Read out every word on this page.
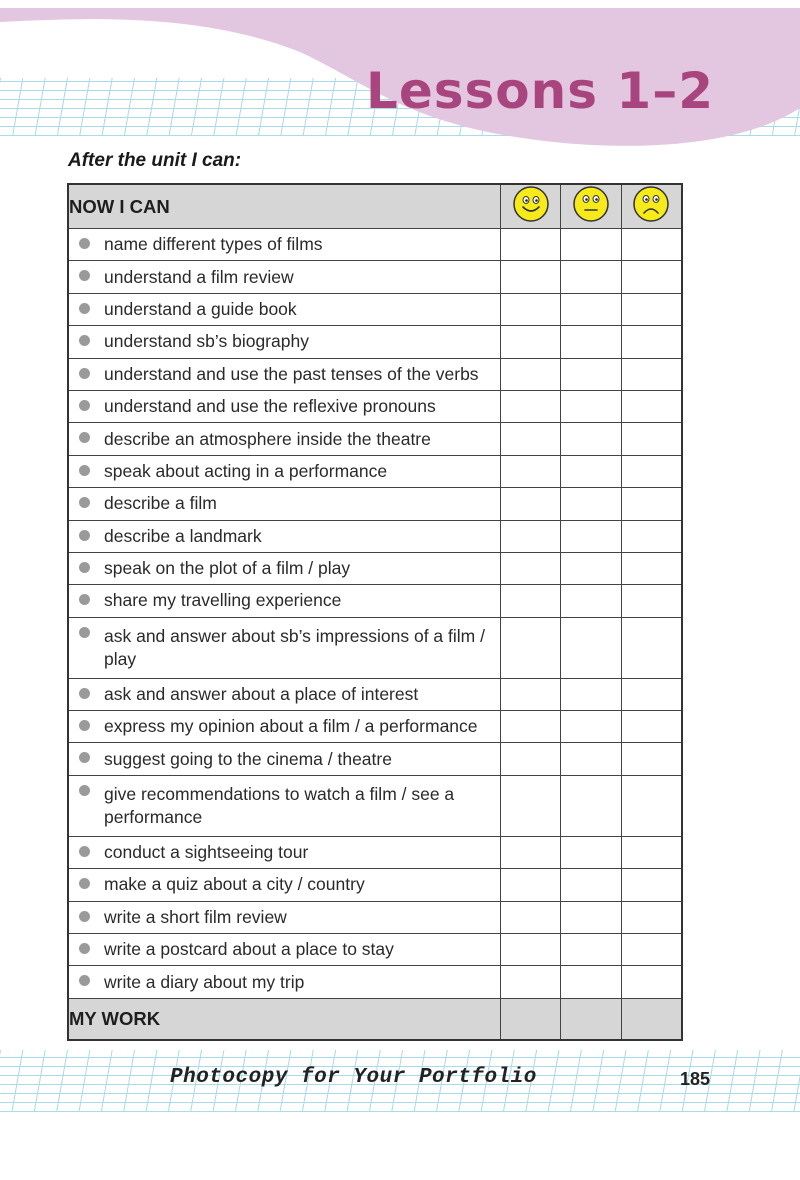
Lessons 1–2

After the unit I can:

NOW I CAN			

name different types of films			

understand a film review			

understand a guide book			

understand sb’s biography			

understand and use the past tenses of the verbs			

understand and use the reflexive pronouns			

describe an atmosphere inside the theatre			

speak about acting in a performance			

describe a film			

describe a landmark			

speak on the plot of a film / play			

share my travelling experience			

ask and answer about sb’s impressions of a film / play			

ask and answer about a place of interest			

express my opinion about a film / a performance			

suggest going to the cinema / theatre			

give recommendations to watch a film / see a performance			

conduct a sightseeing tour			

make a quiz about a city / country			

write a short film review			

write a postcard about a place to stay			

write a diary about my trip			
MY WORK			

Photocopy for Your Portfolio	185
